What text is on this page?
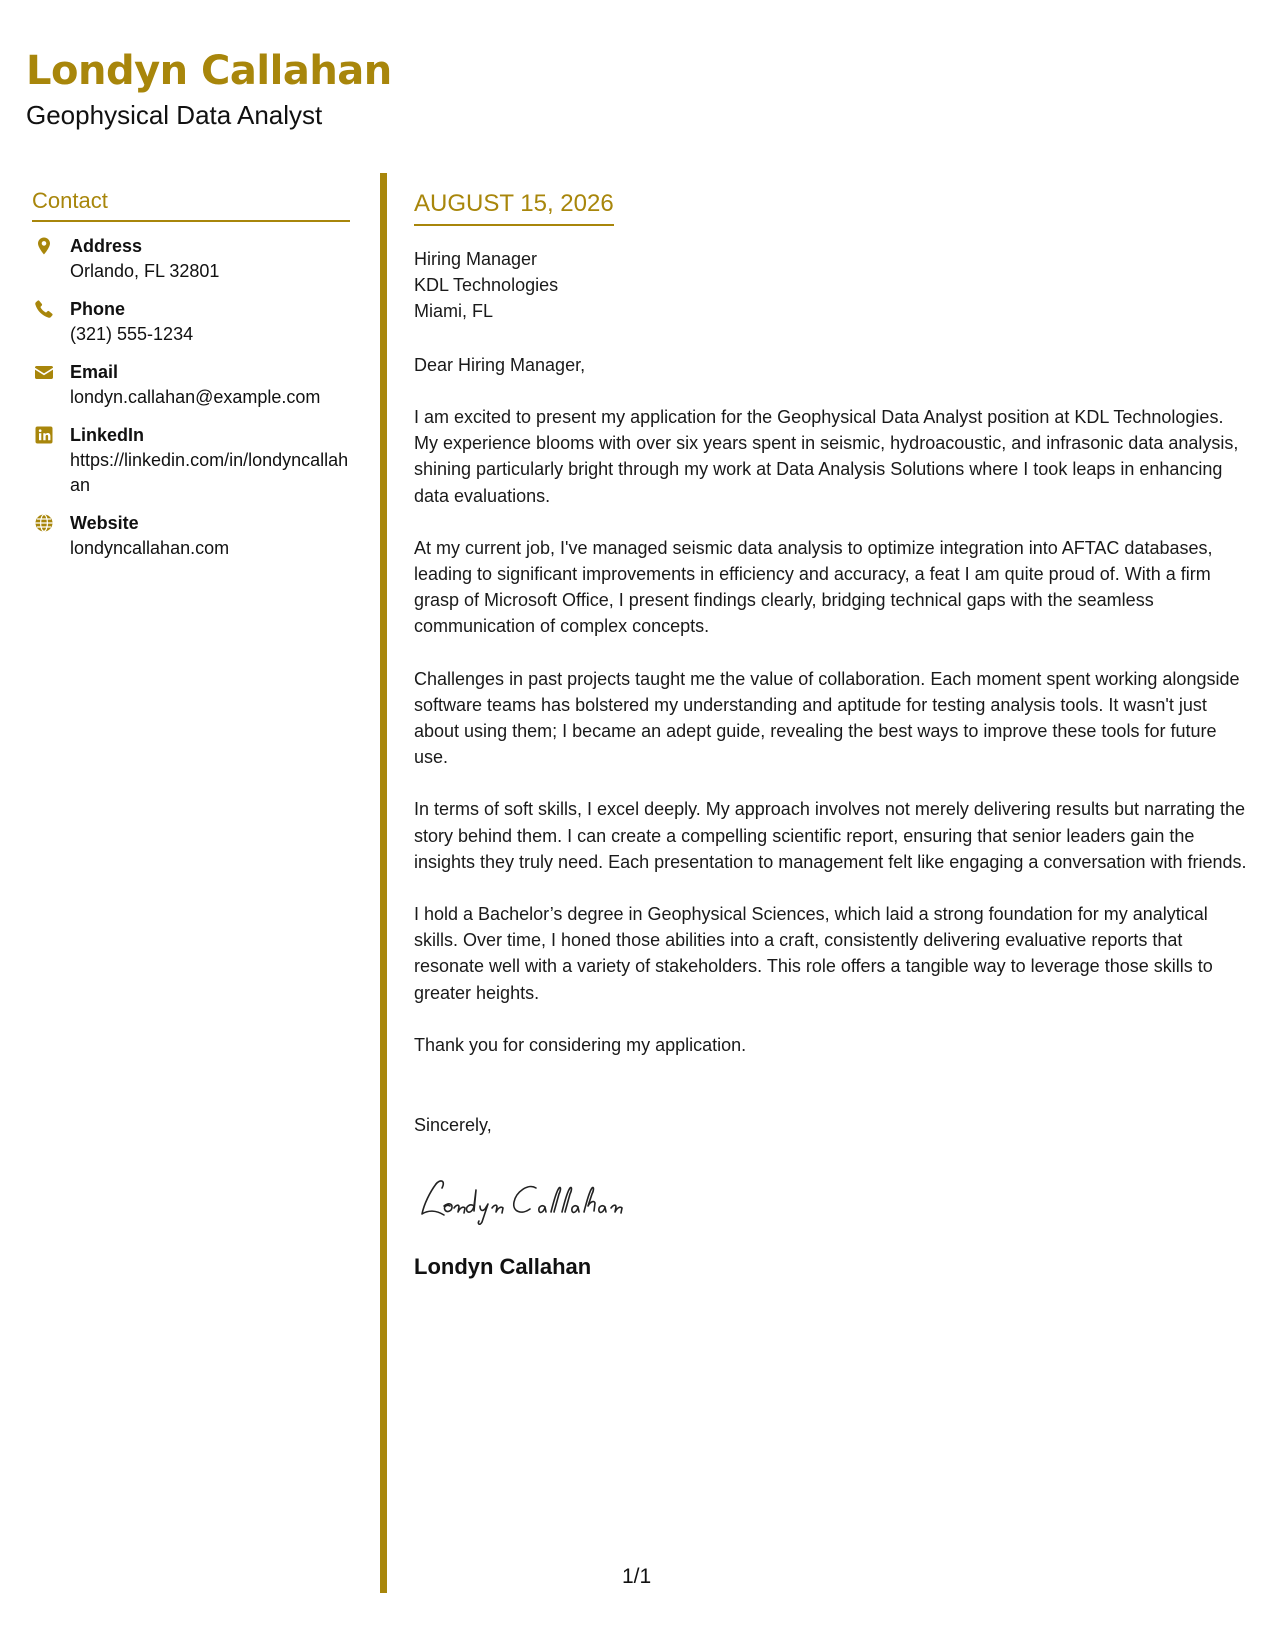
Londyn Callahan
Geophysical Data Analyst
Contact
Address
Orlando, FL 32801
Phone
(321) 555-1234
Email
londyn.callahan@example.com
LinkedIn
https://linkedin.com/in/londyncallahan
Website
londyncallahan.com
AUGUST 15, 2026
Hiring Manager
KDL Technologies
Miami, FL

Dear Hiring Manager,

I am excited to present my application for the Geophysical Data Analyst position at KDL Technologies. My experience blooms with over six years spent in seismic, hydroacoustic, and infrasonic data analysis, shining particularly bright through my work at Data Analysis Solutions where I took leaps in enhancing data evaluations.

At my current job, I've managed seismic data analysis to optimize integration into AFTAC databases, leading to significant improvements in efficiency and accuracy, a feat I am quite proud of. With a firm grasp of Microsoft Office, I present findings clearly, bridging technical gaps with the seamless communication of complex concepts.

Challenges in past projects taught me the value of collaboration. Each moment spent working alongside software teams has bolstered my understanding and aptitude for testing analysis tools. It wasn't just about using them; I became an adept guide, revealing the best ways to improve these tools for future use.

In terms of soft skills, I excel deeply. My approach involves not merely delivering results but narrating the story behind them. I can create a compelling scientific report, ensuring that senior leaders gain the insights they truly need. Each presentation to management felt like engaging a conversation with friends.

I hold a Bachelor’s degree in Geophysical Sciences, which laid a strong foundation for my analytical skills. Over time, I honed those abilities into a craft, consistently delivering evaluative reports that resonate well with a variety of stakeholders. This role offers a tangible way to leverage those skills to greater heights.

Thank you for considering my application.

Sincerely,

Londyn Callahan
1/1
